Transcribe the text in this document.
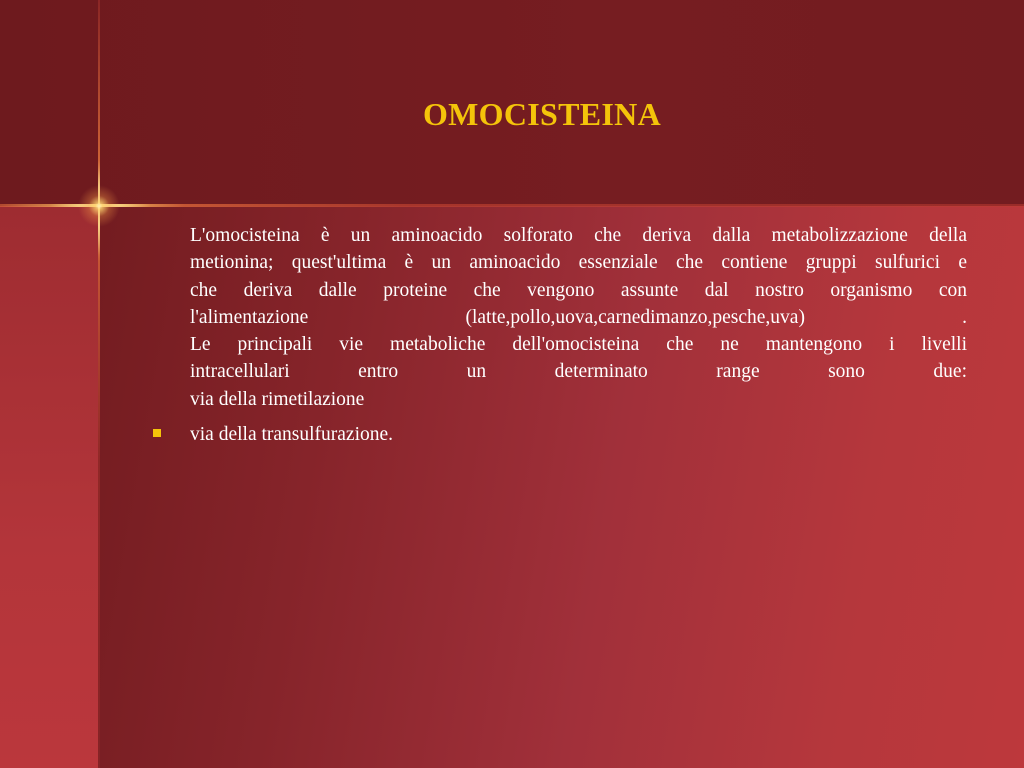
OMOCISTEINA

L'omocisteina è un aminoacido solforato che deriva dalla metabolizzazione della

metionina; quest'ultima è un aminoacido essenziale che contiene gruppi sulfurici e

che deriva dalle proteine che vengono assunte dal nostro organismo con

l'alimentazione (latte,pollo,uova,carnedimanzo,pesche,uva) .

Le principali vie metaboliche dell'omocisteina che ne mantengono i livelli

intracellulari entro un determinato range sono due:

via della rimetilazione

via della transulfurazione.
